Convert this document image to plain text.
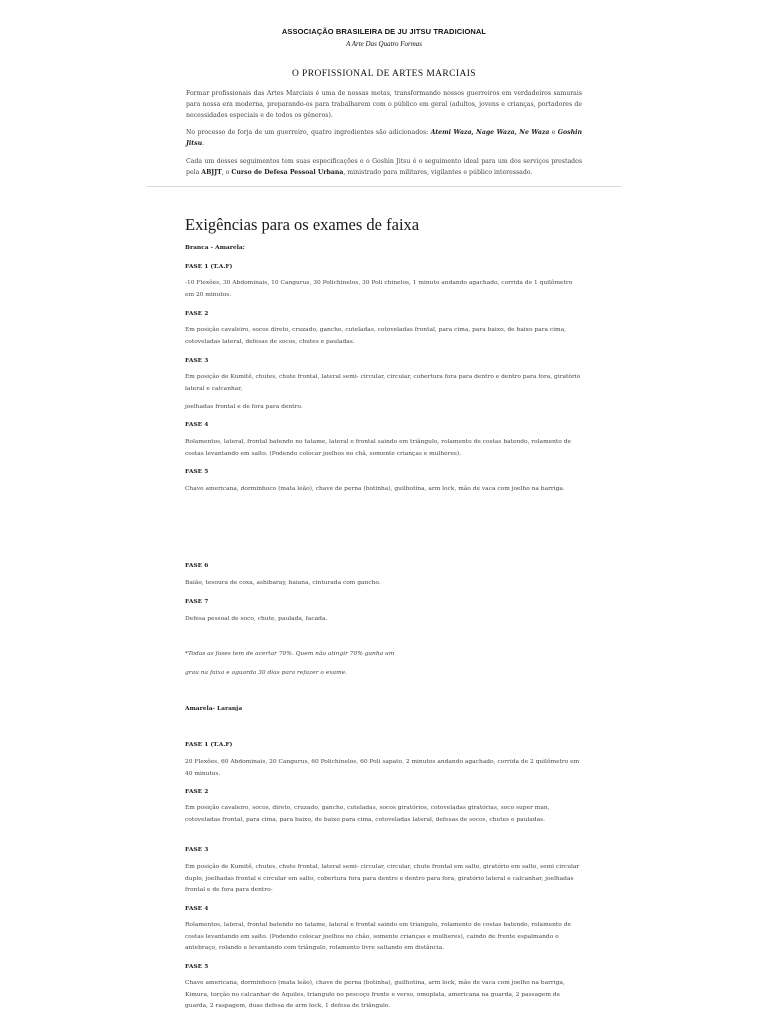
ASSOCIAÇÃO BRASILEIRA DE JU JITSU TRADICIONAL
A Arte Das Quatro Formas
O PROFISSIONAL DE ARTES MARCIAIS

Formar profissionais das Artes Marciais é uma de nossas metas, transformando nossos guerreiros em verdadeiros samurais para nossa era moderna, preparando-os para trabalharem com o público em geral (adultos, jovens e crianças, portadores de necessidades especiais e de todos os gêneros).

No processo de forja de um guerreiro, quatro ingredientes são adicionados: Atemi Waza, Nage Waza, Ne Waza e Goshin Jitsu.

Cada um desses seguimentos tem suas especificações e o Goshin Jitsu é o seguimento ideal para um dos serviços prestados pela ABJJT, o Curso de Defesa Pessoal Urbana, ministrado para militares, vigilantes e público interessado.

Exigências para os exames de faixa

Branca - Amarela:

FASE 1 (T.A.F)

-10 Flexões, 30 Abdominais, 10 Cangurus, 30 Polichinelos, 30 Poli chinelos, 1 minuto andando agachado, corrida de 1 quilômetro em 20 minutos.

FASE 2

Em posição cavaleiro, socos direto, cruzado, gancho, cuteladas, cotoveladas frontal, para cima, para baixo, de baixo para cima, cotoveladas lateral, defesas de socos, chutes e pauladas.

FASE 3

Em posição de Kumitê, chutes, chute frontal, lateral semi- circular, circular, cobertura fora para dentro e dentro para fora, giratório lateral e calcanhar,

joelhadas frontal e de fora para dentro.

FASE 4

Rolamentos, lateral, frontal batendo no tatame, lateral e frontal saindo em triângulo, rolamento de costas batendo, rolamento de costas levantando em salto. (Podendo colocar joelhos no chã, somente crianças e mulheres).

FASE 5

Chave americana, dorminhoco (mata leão), chave de perna (botinha), guilhotina, arm lock, mão de vaca com joelho na barriga.

FASE 6

Baião, tesoura de coxa, ashibaray, baiana, cinturada com gancho.

FASE 7

Defesa pessoal de soco, chute, paulada, facada.

*Todas as fases tem de acertar 70%. Quem não atingir 70% ganha um

grau na faixa e aguarda 30 dias para refazer o exame.

Amarela- Laranja

FASE 1 (T.A.F)

20 Flexões, 60 Abdominais, 20 Cangurus, 60 Polichinelos, 60 Poli sapato, 2 minutos andando agachado, corrida de 2 quilômetro em 40 minutos.

FASE 2

Em posição cavaleiro, socos, direto, cruzado, gancho, cuteladas, socos giratórios, cotoveladas giratórias, soco super man, cotoveladas frontal, para cima, para baixo, de baixo para cima, cotoveladas lateral, defesas de socos, chutes e pauladas.

FASE 3

Em posição de Kumitê, chutes, chute frontal, lateral semi- circular, circular, chute frontal em salto, giratório em salto, semi circular duplo, joelhadas frontal e circular em salto, cobertura fora para dentro e dentro para fora, giratório lateral e calcanhar, joelhadas frontal e de fora para dentro-

FASE 4

Rolamentos, lateral, frontal batendo no tatame, lateral e frontal saindo em triangulo, rolamento de costas batendo, rolamento de costas levantando em salto. (Podendo colocar joelhos no chão, somente crianças e mulheres), caindo de frente espalmando o antebraço, rolando e levantando com triângulo, rolamento livre saltando em distância.

FASE 5

Chave americana, dorminhoco (mata leão), chave de perna (botinha), guilhotina, arm lock, mão de vaca com joelho na barriga, Kimura, torção no calcanhar de Aquiles, triangulo no pescoço frente e verso, omoplata, americana na guarda, 2 passagem de guarda, 2 raspagem, duas defesa de arm lock, 1 defesa de triângulo.
